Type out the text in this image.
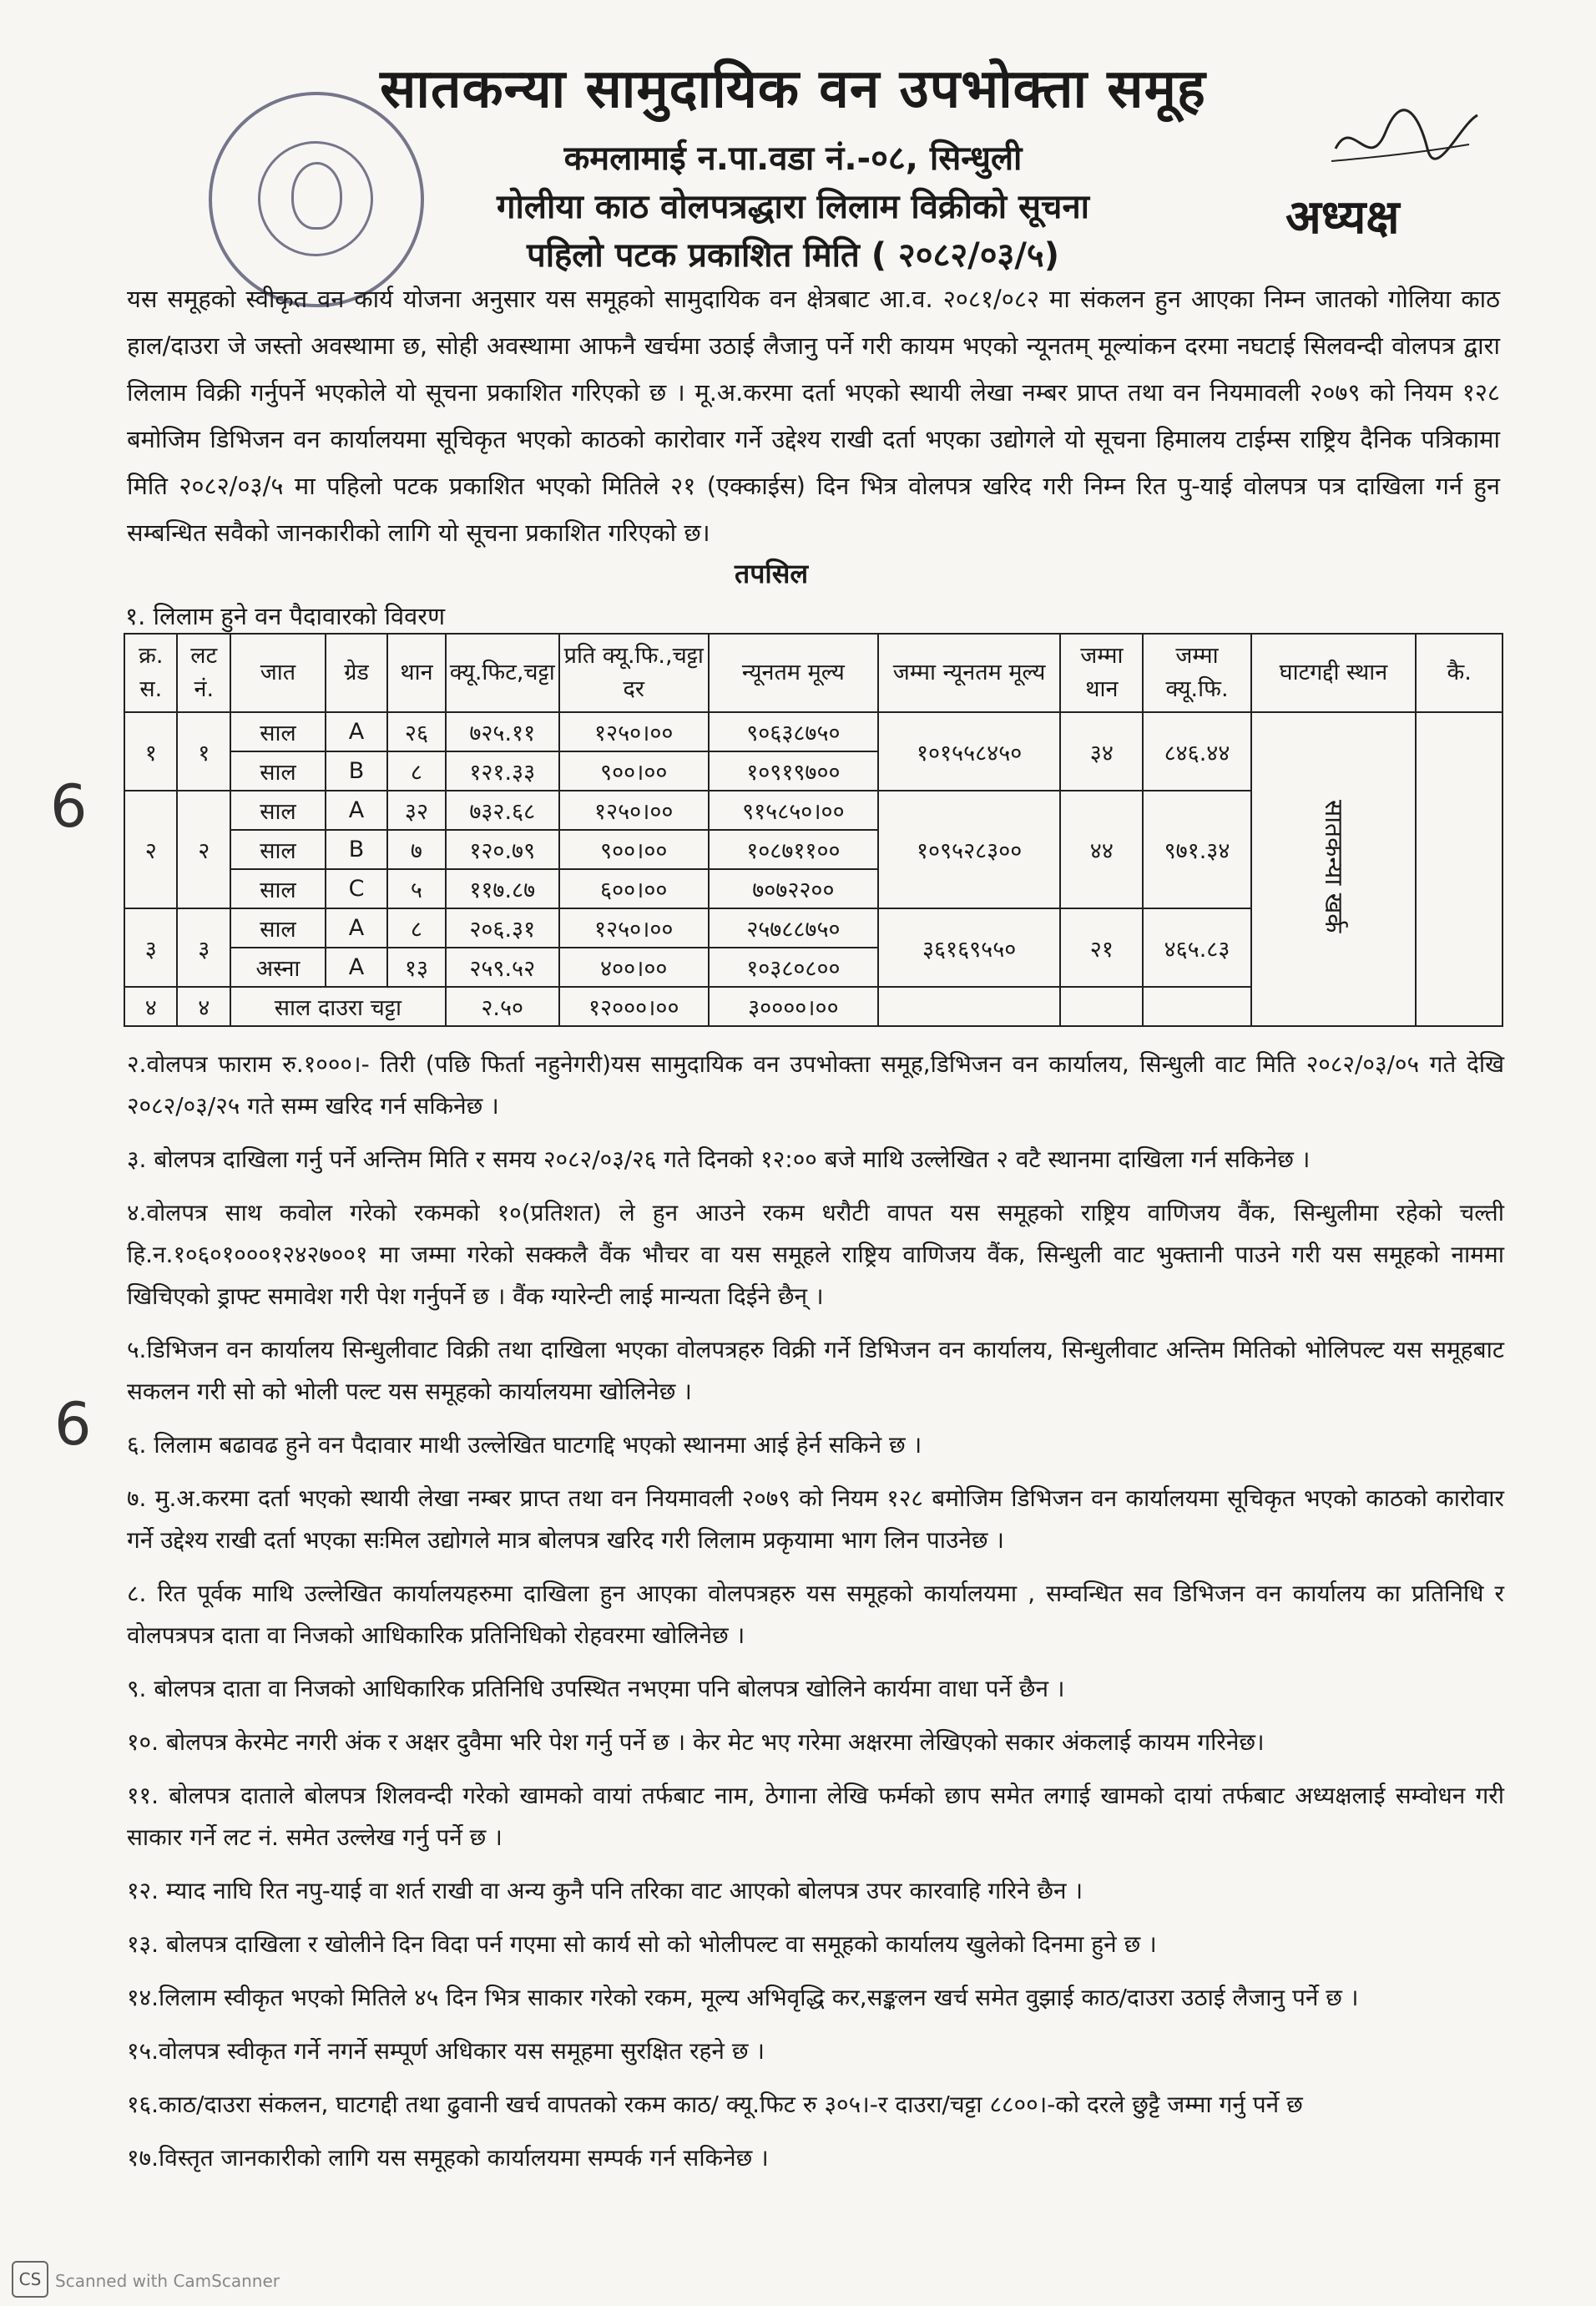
सातकन्या सामुदायिक वन उपभोक्ता समूह
कमलामाई न.पा.वडा नं.-०८, सिन्धुली
गोलीया काठ वोलपत्रद्धारा लिलाम विक्रीको सूचना
पहिलो पटक प्रकाशित मिति ( २०८२/०३/५)
अध्यक्ष
यस समूहको स्वीकृत वन कार्य योजना अनुसार यस समूहको सामुदायिक वन क्षेत्रबाट आ.व. २०८१/०८२ मा संकलन हुन आएका निम्न जातको गोलिया काठ हाल/दाउरा जे जस्तो अवस्थामा छ, सोही अवस्थामा आफनै खर्चमा उठाई लैजानु पर्ने गरी कायम भएको न्यूनतम् मूल्यांकन दरमा नघटाई सिलवन्दी वोलपत्र द्वारा लिलाम विक्री गर्नुपर्ने भएकोले यो सूचना प्रकाशित गरिएको छ । मू.अ.करमा दर्ता भएको स्थायी लेखा नम्बर प्राप्त तथा वन नियमावली २०७९ को नियम १२८ बमोजिम डिभिजन वन कार्यालयमा सूचिकृत भएको काठको कारोवार गर्ने उद्देश्य राखी दर्ता भएका उद्योगले यो सूचना हिमालय टाईम्स राष्ट्रिय दैनिक पत्रिकामा मिति २०८२/०३/५ मा पहिलो पटक प्रकाशित भएको मितिले २१ (एक्काईस) दिन भित्र वोलपत्र खरिद गरी निम्न रित पु-याई वोलपत्र पत्र दाखिला गर्न हुन सम्बन्धित सवैको जानकारीको लागि यो सूचना प्रकाशित गरिएको छ।
तपसिल
१. लिलाम हुने वन पैदावारको विवरण
क्र. स.	लट नं.	जात	ग्रेड	थान	क्यू.फिट,चट्टा	प्रति क्यू.फि.,चट्टा दर	न्यूनतम मूल्य	जम्मा न्यूनतम मूल्य	जम्मा थान	जम्मा क्यू.फि.	घाटगद्दी स्थान	कै.
१	१	साल	A	२६	७२५.११	१२५०।००	९०६३८७५०	१०१५५८४५०	३४	८४६.४४	सातकन्या खर्क	
		साल	B	८	१२१.३३	९००।००	१०९१९७००					
२	२	साल	A	३२	७३२.६८	१२५०।००	९१५८५०।००	१०९५२८३००	४४	९७१.३४		
		साल	B	७	१२०.७९	९००।००	१०८७११००					
		साल	C	५	११७.८७	६००।००	७०७२२००					
३	३	साल	A	८	२०६.३१	१२५०।००	२५७८८७५०	३६१६९५५०	२१	४६५.८३		
		अस्ना	A	१३	२५९.५२	४००।००	१०३८०८००					
४	४	साल दाउरा चट्टा			२.५०	१२०००।००	३००००।००					

२.वोलपत्र फाराम रु.१०००।- तिरी (पछि फिर्ता नहुनेगरी)यस सामुदायिक वन उपभोक्ता समूह,डिभिजन वन कार्यालय, सिन्धुली वाट मिति २०८२/०३/०५ गते देखि २०८२/०३/२५ गते सम्म खरिद गर्न सकिनेछ ।

३. बोलपत्र दाखिला गर्नु पर्ने अन्तिम मिति र समय २०८२/०३/२६ गते दिनको १२:०० बजे माथि उल्लेखित २ वटै स्थानमा दाखिला गर्न सकिनेछ ।

४.वोलपत्र साथ कवोल गरेको रकमको १०(प्रतिशत) ले हुन आउने रकम धरौटी वापत यस समूहको राष्ट्रिय वाणिजय वैंक, सिन्धुलीमा रहेको चल्ती हि.न.१०६०१०००१२४२७००१ मा जम्मा गरेको सक्कलै वैंक भौचर वा यस समूहले राष्ट्रिय वाणिजय वैंक, सिन्धुली वाट भुक्तानी पाउने गरी यस समूहको नाममा खिचिएको ड्राफ्ट समावेश गरी पेश गर्नुपर्ने छ । वैंक ग्यारेन्टी लाई मान्यता दिईने छैन् ।

५.डिभिजन वन कार्यालय सिन्धुलीवाट विक्री तथा दाखिला भएका वोलपत्रहरु विक्री गर्ने डिभिजन वन कार्यालय, सिन्धुलीवाट अन्तिम मितिको भोलिपल्ट यस समूहबाट सकलन गरी सो को भोली पल्ट यस समूहको कार्यालयमा खोलिनेछ ।

६. लिलाम बढावढ हुने वन पैदावार माथी उल्लेखित घाटगद्दि भएको स्थानमा आई हेर्न सकिने छ ।

७. मु.अ.करमा दर्ता भएको स्थायी लेखा नम्बर प्राप्त तथा वन नियमावली २०७९ को नियम १२८ बमोजिम डिभिजन वन कार्यालयमा सूचिकृत भएको काठको कारोवार गर्ने उद्देश्य राखी दर्ता भएका सःमिल उद्योगले मात्र बोलपत्र खरिद गरी लिलाम प्रकृयामा भाग लिन पाउनेछ ।

८. रित पूर्वक माथि उल्लेखित कार्यालयहरुमा दाखिला हुन आएका वोलपत्रहरु यस समूहको कार्यालयमा , सम्वन्धित सव डिभिजन वन कार्यालय का प्रतिनिधि र वोलपत्रपत्र दाता वा निजको आधिकारिक प्रतिनिधिको रोहवरमा खोलिनेछ ।

९. बोलपत्र दाता वा निजको आधिकारिक प्रतिनिधि उपस्थित नभएमा पनि बोलपत्र खोलिने कार्यमा वाधा पर्ने छैन ।

१०. बोलपत्र केरमेट नगरी अंक र अक्षर दुवैमा भरि पेश गर्नु पर्ने छ । केर मेट भए गरेमा अक्षरमा लेखिएको सकार अंकलाई कायम गरिनेछ।

११. बोलपत्र दाताले बोलपत्र शिलवन्दी गरेको खामको वायां तर्फबाट नाम, ठेगाना लेखि फर्मको छाप समेत लगाई खामको दायां तर्फबाट अध्यक्षलाई सम्वोधन गरी साकार गर्ने लट नं. समेत उल्लेख गर्नु पर्ने छ ।

१२. म्याद नाघि रित नपु-याई वा शर्त राखी वा अन्य कुनै पनि तरिका वाट आएको बोलपत्र उपर कारवाहि गरिने छैन ।

१३. बोलपत्र दाखिला र खोलीने दिन विदा पर्न गएमा सो कार्य सो को भोलीपल्ट वा समूहको कार्यालय खुलेको दिनमा हुने छ ।

१४.लिलाम स्वीकृत भएको मितिले ४५ दिन भित्र साकार गरेको रकम, मूल्य अभिवृद्धि कर,सङ्कलन खर्च समेत वुझाई काठ/दाउरा उठाई लैजानु पर्ने छ ।

१५.वोलपत्र स्वीकृत गर्ने नगर्ने सम्पूर्ण अधिकार यस समूहमा सुरक्षित रहने छ ।

१६.काठ/दाउरा संकलन, घाटगद्दी तथा ढुवानी खर्च वापतको रकम काठ/ क्यू.फिट रु ३०५।-र दाउरा/चट्टा ८८००।-को दरले छुट्टै जम्मा गर्नु पर्ने छ

१७.विस्तृत जानकारीको लागि यस समूहको कार्यालयमा सम्पर्क गर्न सकिनेछ ।

6
6
CS Scanned with CamScanner
